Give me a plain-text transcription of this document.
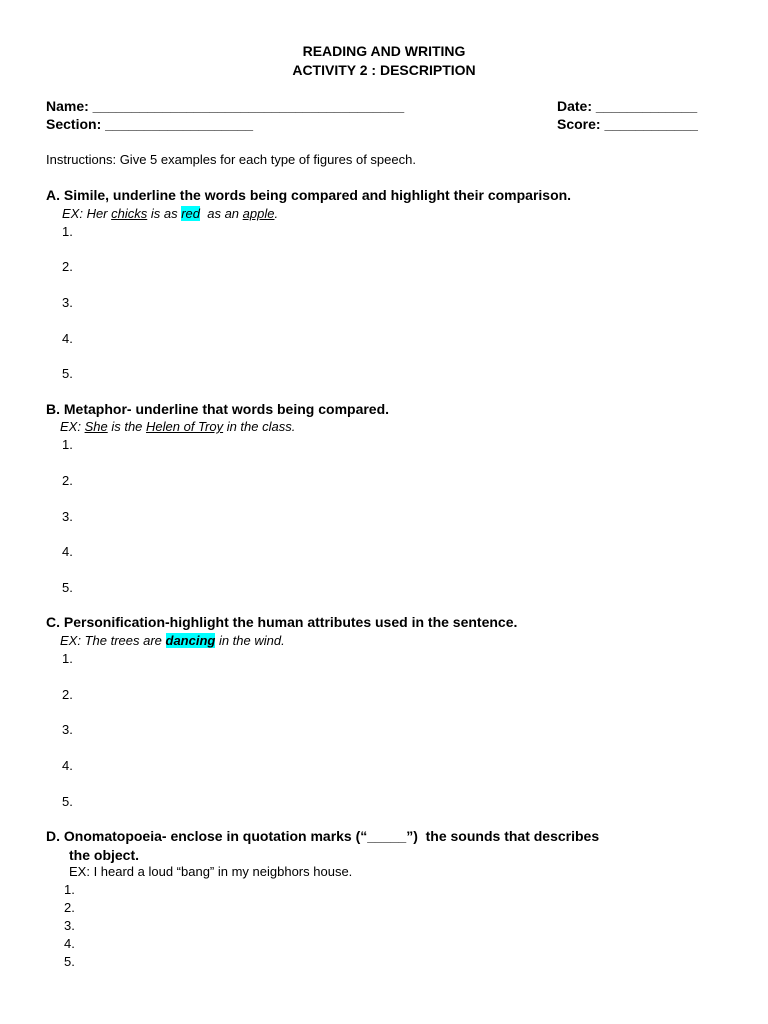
READING AND WRITING
ACTIVITY 2 : DESCRIPTION
Name: ________________________________________	Date: _____________
Section: ___________________	Score: ____________
Instructions: Give 5 examples for each type of figures of speech.
A. Simile, underline the words being compared and highlight their comparison.
EX: Her chicks is as red  as an apple.
1.
2.
3.
4.
5.
B. Metaphor- underline that words being compared.
EX: She is the Helen of Troy in the class.
1.
2.
3.
4.
5.
C. Personification-highlight the human attributes used in the sentence.
EX: The trees are dancing in the wind.
1.
2.
3.
4.
5.
D. Onomatopoeia- enclose in quotation marks (“_____”)  the sounds that describes
the object.
EX: I heard a loud “bang” in my neigbhors house.
1.
2.
3.
4.
5.
